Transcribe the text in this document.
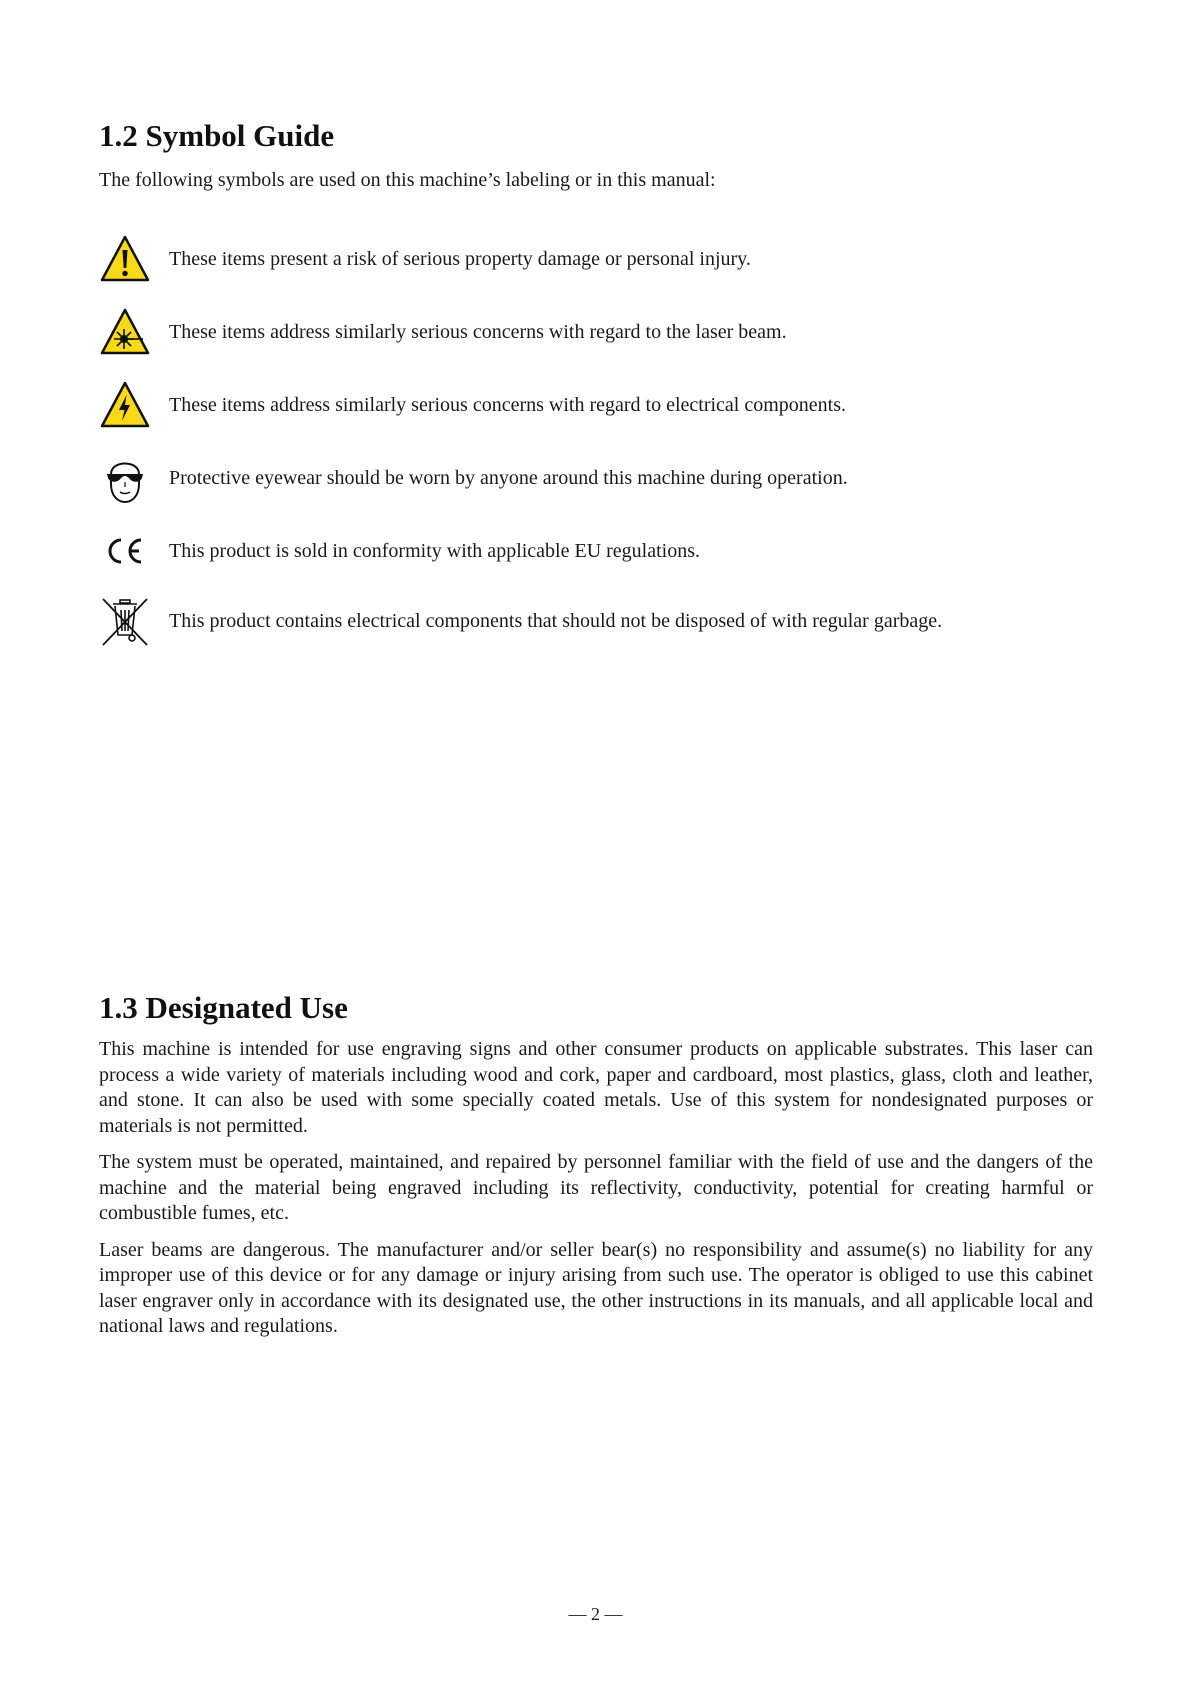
1.2 Symbol Guide

The following symbols are used on this machine’s labeling or in this manual:

These items present a risk of serious property damage or personal injury.
These items address similarly serious concerns with regard to the laser beam.
These items address similarly serious concerns with regard to electrical components.
Protective eyewear should be worn by anyone around this machine during operation.
This product is sold in conformity with applicable EU regulations.
This product contains electrical components that should not be disposed of with regular garbage.
1.3 Designated Use

This machine is intended for use engraving signs and other consumer products on applicable substrates. This laser can process a wide variety of materials including wood and cork, paper and cardboard, most plastics, glass, cloth and leather, and stone. It can also be used with some specially coated metals. Use of this system for nondesignated purposes or materials is not permitted.

The system must be operated, maintained, and repaired by personnel familiar with the field of use and the dangers of the machine and the material being engraved including its reflectivity, conductivity, potential for creating harmful or combustible fumes, etc.

Laser beams are dangerous. The manufacturer and/or seller bear(s) no responsibility and assume(s) no liability for any improper use of this device or for any damage or injury arising from such use. The operator is obliged to use this cabinet laser engraver only in accordance with its designated use, the other instructions in its manuals, and all applicable local and national laws and regulations.

— 2 —
